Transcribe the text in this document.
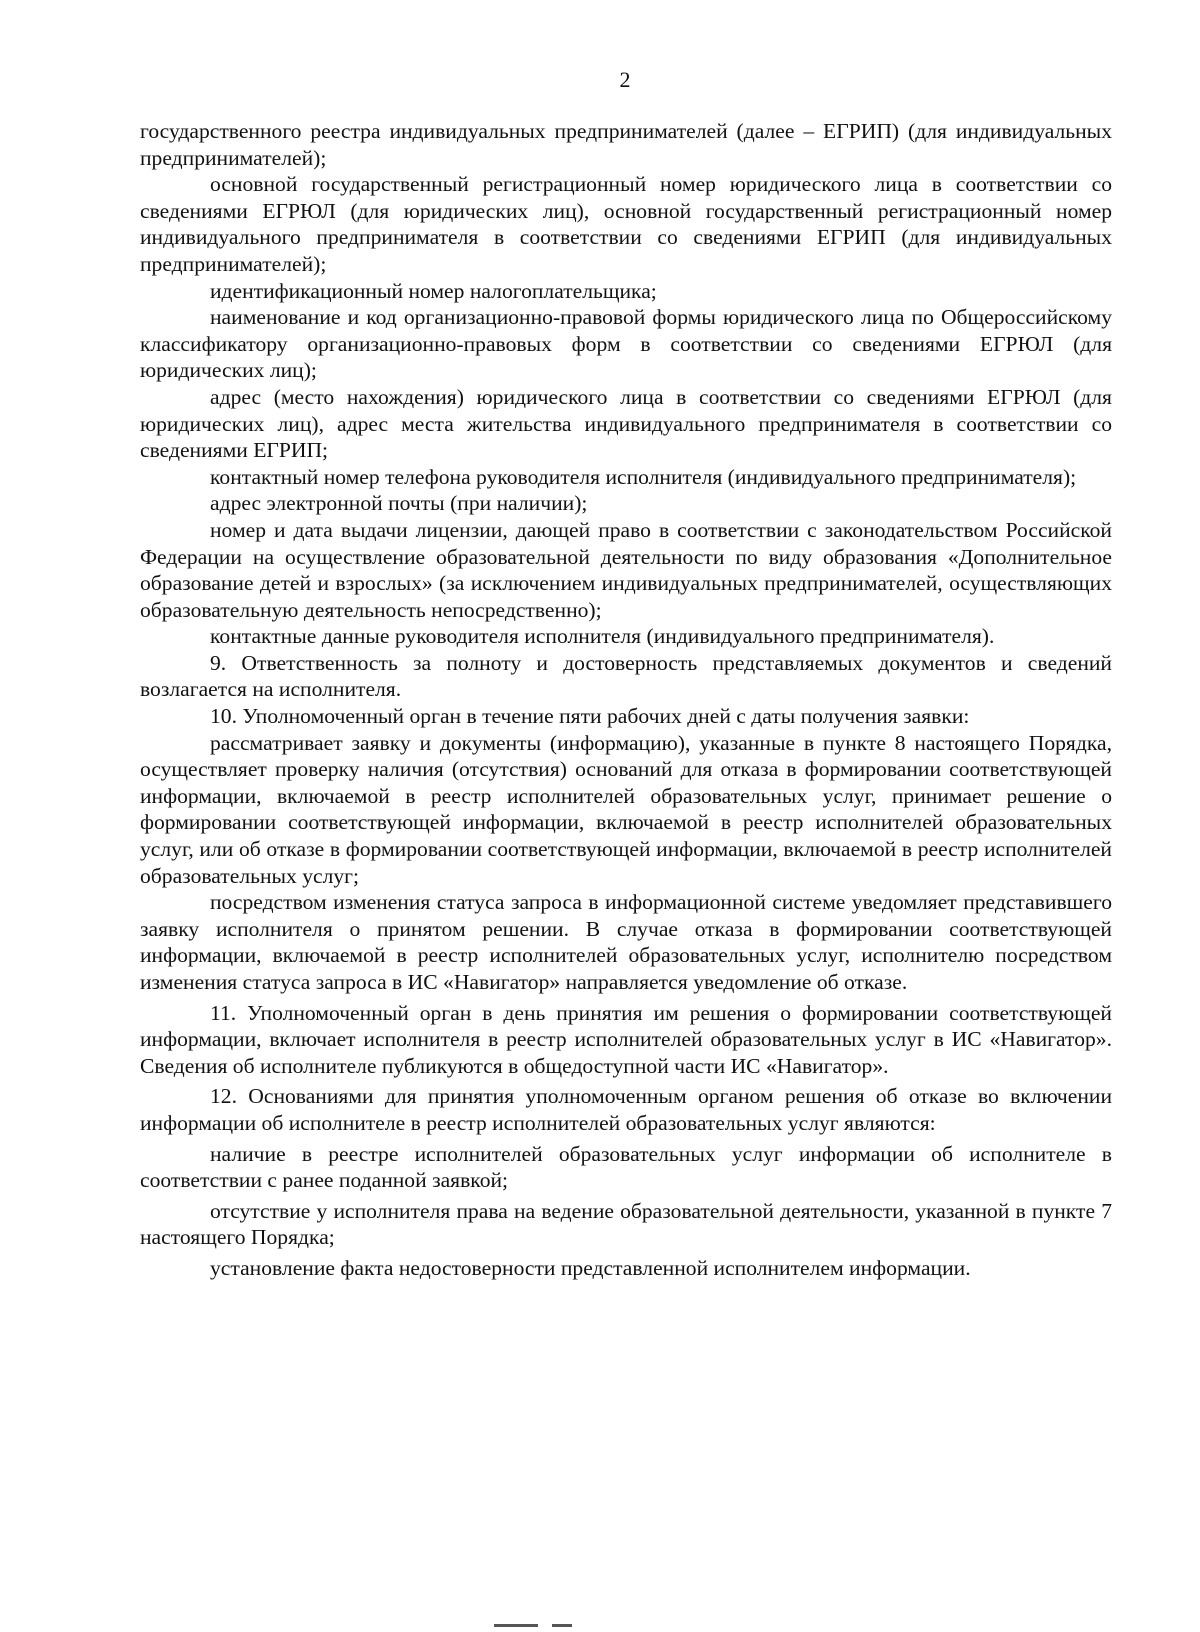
2

государственного реестра индивидуальных предпринимателей (далее – ЕГРИП) (для индивидуальных предпринимателей);

основной государственный регистрационный номер юридического лица в соответствии со сведениями ЕГРЮЛ (для юридических лиц), основной государственный регистрационный номер индивидуального предпринимателя в соответствии со сведениями ЕГРИП (для индивидуальных предпринимателей);

идентификационный номер налогоплательщика;

наименование и код организационно-правовой формы юридического лица по Общероссийскому классификатору организационно-правовых форм в соответствии со сведениями ЕГРЮЛ (для юридических лиц);

адрес (место нахождения) юридического лица в соответствии со сведениями ЕГРЮЛ (для юридических лиц), адрес места жительства индивидуального предпринимателя в соответствии со сведениями ЕГРИП;

контактный номер телефона руководителя исполнителя (индивидуального предпринимателя);

адрес электронной почты (при наличии);

номер и дата выдачи лицензии, дающей право в соответствии с законодательством Российской Федерации на осуществление образовательной деятельности по виду образования «Дополнительное образование детей и взрослых» (за исключением индивидуальных предпринимателей, осуществляющих образовательную деятельность непосредственно);

контактные данные руководителя исполнителя (индивидуального предпринимателя).

9. Ответственность за полноту и достоверность представляемых документов и сведений возлагается на исполнителя.

10. Уполномоченный орган в течение пяти рабочих дней с даты получения заявки:

рассматривает заявку и документы (информацию), указанные в пункте 8 настоящего Порядка, осуществляет проверку наличия (отсутствия) оснований для отказа в формировании соответствующей информации, включаемой в реестр исполнителей образовательных услуг, принимает решение о формировании соответствующей информации, включаемой в реестр исполнителей образовательных услуг, или об отказе в формировании соответствующей информации, включаемой в реестр исполнителей образовательных услуг;

посредством изменения статуса запроса в информационной системе уведомляет представившего заявку исполнителя о принятом решении. В случае отказа в формировании соответствующей информации, включаемой в реестр исполнителей образовательных услуг, исполнителю посредством изменения статуса запроса в ИС «Навигатор» направляется уведомление об отказе.

11. Уполномоченный орган в день принятия им решения о формировании соответствующей информации, включает исполнителя в реестр исполнителей образовательных услуг в ИС «Навигатор». Сведения об исполнителе публикуются в общедоступной части ИС «Навигатор».

12. Основаниями для принятия уполномоченным органом решения об отказе во включении информации об исполнителе в реестр исполнителей образовательных услуг являются:

наличие в реестре исполнителей образовательных услуг информации об исполнителе в соответствии с ранее поданной заявкой;

отсутствие у исполнителя права на ведение образовательной деятельности, указанной в пункте 7 настоящего Порядка;

установление факта недостоверности представленной исполнителем информации.
